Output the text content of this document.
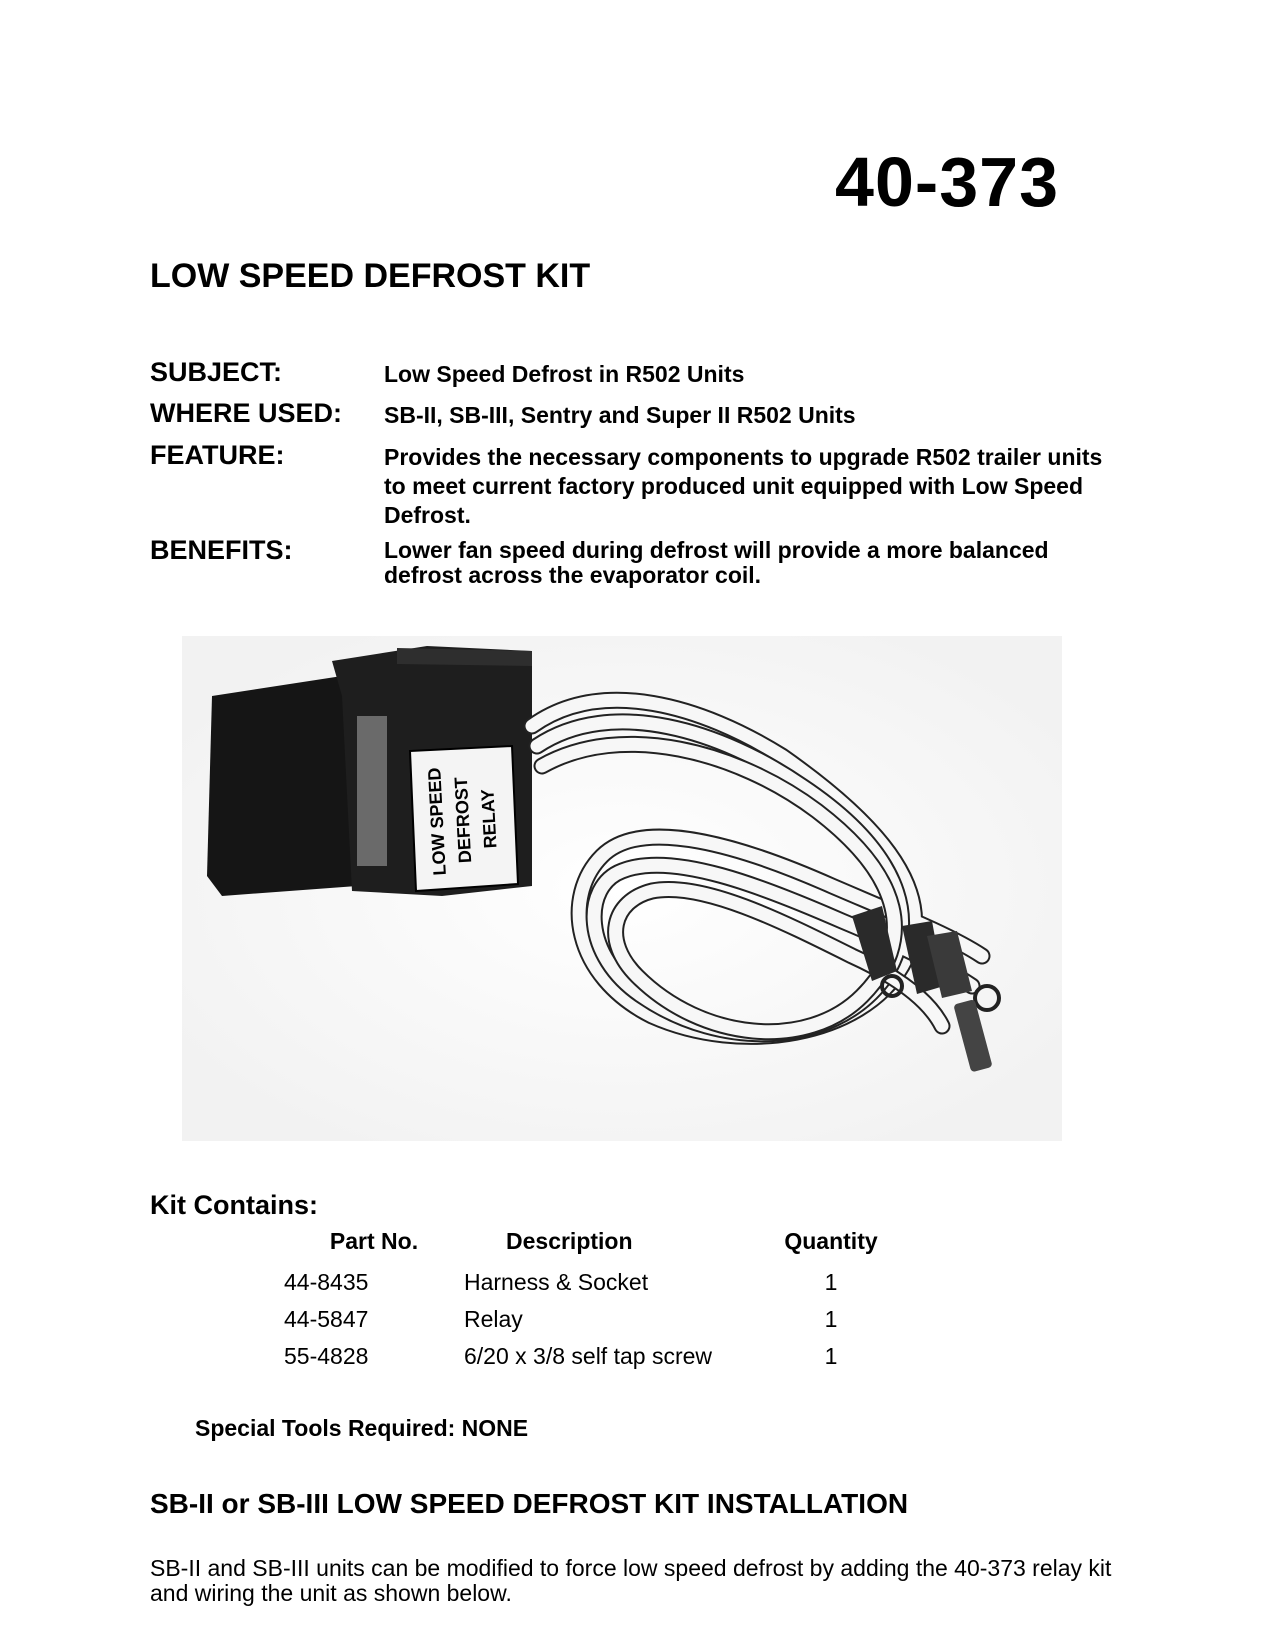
40-373
LOW SPEED DEFROST KIT
SUBJECT:	Low Speed Defrost in R502 Units
WHERE USED: SB-II, SB-III, Sentry and Super II R502 Units
FEATURE:	Provides the necessary components to upgrade R502 trailer units to meet current factory produced unit equipped with Low Speed Defrost.
BENEFITS:	Lower fan speed during defrost will provide a more balanced defrost across the evaporator coil.
LOW SPEED DEFROST RELAY
Kit Contains:
Part No.	Description	Quantity
44-8435	Harness & Socket	1
44-5847	Relay	1
55-4828	6/20 x 3/8 self tap screw	1
Special Tools Required: NONE
SB-II or SB-III LOW SPEED DEFROST KIT INSTALLATION
SB-II and SB-III units can be modified to force low speed defrost by adding the 40-373 relay kit and wiring the unit as shown below.
